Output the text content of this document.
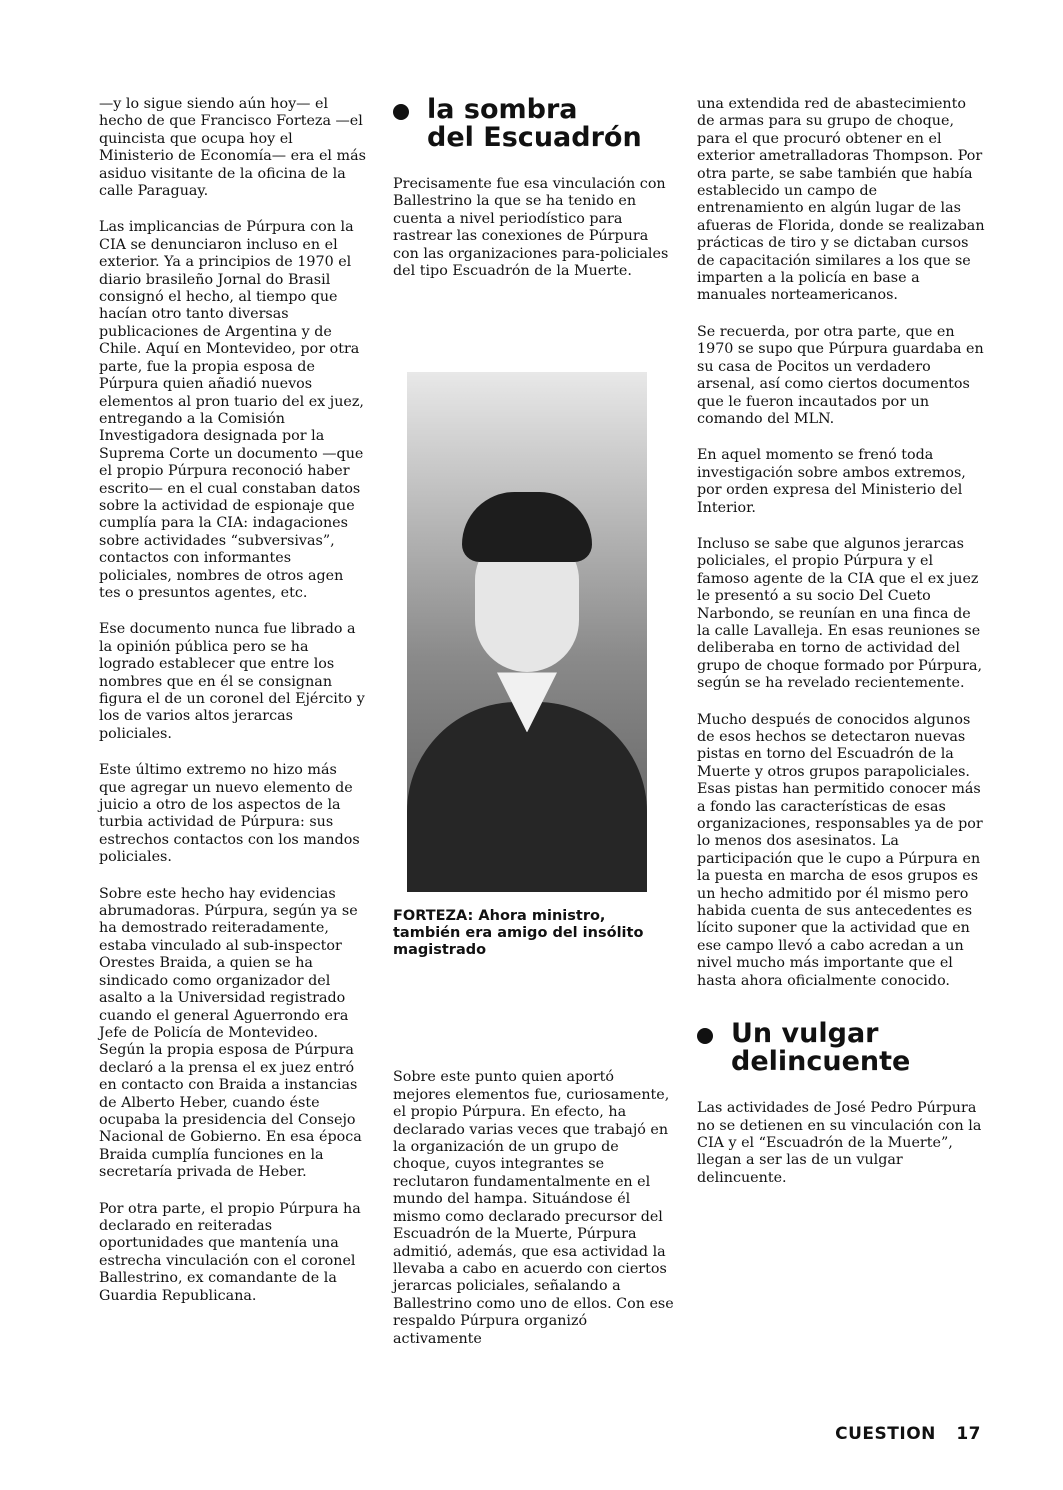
—y lo sigue siendo aún hoy— el hecho de que Francisco Forteza —el quincista que ocupa hoy el Ministerio de Economía— era el más asiduo visitante de la oficina de la calle Paraguay.

Las implicancias de Púrpura con la CIA se denunciaron incluso en el exterior. Ya a principios de 1970 el diario brasileño Jornal do Brasil consignó el hecho, al tiempo que hacían otro tanto diversas publicaciones de Argentina y de Chile. Aquí en Montevideo, por otra parte, fue la propia esposa de Púrpura quien añadió nuevos elementos al pron tuario del ex juez, entregando a la Comisión Investigadora designada por la Suprema Corte un documento —que el propio Púrpura reconoció haber escrito— en el cual constaban datos sobre la actividad de espionaje que cumplía para la CIA: indagaciones sobre actividades “subversivas”, contactos con informantes policiales, nombres de otros agen tes o presuntos agentes, etc.

Ese documento nunca fue librado a la opinión pública pero se ha logrado establecer que entre los nombres que en él se consignan figura el de un coronel del Ejército y los de varios altos jerarcas policiales.

Este último extremo no hizo más que agregar un nuevo elemento de juicio a otro de los aspectos de la turbia actividad de Púrpura: sus estrechos contactos con los mandos policiales.

Sobre este hecho hay evidencias abrumadoras. Púrpura, según ya se ha demostrado reiteradamente, estaba vinculado al sub-inspector Orestes Braida, a quien se ha sindicado como organizador del asalto a la Universidad registrado cuando el general Aguerrondo era Jefe de Policía de Montevideo. Según la propia esposa de Púrpura declaró a la prensa el ex juez entró en contacto con Braida a instancias de Alberto Heber, cuando éste ocupaba la presidencia del Consejo Nacional de Gobierno. En esa época Braida cumplía funciones en la secretaría privada de Heber.

Por otra parte, el propio Púrpura ha declarado en reiteradas oportunidades que mantenía una estrecha vinculación con el coronel Ballestrino, ex comandante de la Guardia Republicana.

la sombra
del Escuadrón

Precisamente fue esa vinculación con Ballestrino la que se ha tenido en cuenta a nivel periodístico para rastrear las conexiones de Púrpura con las organizaciones para-policiales del tipo Escuadrón de la Muerte.

FORTEZA: Ahora ministro, también era amigo del insólito magistrado

Sobre este punto quien aportó mejores elementos fue, curiosamente, el propio Púrpura. En efecto, ha declarado varias veces que trabajó en la organización de un grupo de choque, cuyos integrantes se reclutaron fundamentalmente en el mundo del hampa. Situándose él mismo como declarado precursor del Escuadrón de la Muerte, Púrpura admitió, además, que esa actividad la llevaba a cabo en acuerdo con ciertos jerarcas policiales, señalando a Ballestrino como uno de ellos. Con ese respaldo Púrpura organizó activamente

una extendida red de abastecimiento de armas para su grupo de choque, para el que procuró obtener en el exterior ametralladoras Thompson. Por otra parte, se sabe también que había establecido un campo de entrenamiento en algún lugar de las afueras de Florida, donde se realizaban prácticas de tiro y se dictaban cursos de capacitación similares a los que se imparten a la policía en base a manuales norteamericanos.

Se recuerda, por otra parte, que en 1970 se supo que Púrpura guardaba en su casa de Pocitos un verdadero arsenal, así como ciertos documentos que le fueron incautados por un comando del MLN.

En aquel momento se frenó toda investigación sobre ambos extremos, por orden expresa del Ministerio del Interior.

Incluso se sabe que algunos jerarcas policiales, el propio Púrpura y el famoso agente de la CIA que el ex juez le presentó a su socio Del Cueto Narbondo, se reunían en una finca de la calle Lavalleja. En esas reuniones se deliberaba en torno de actividad del grupo de choque formado por Púrpura, según se ha revelado recientemente.

Mucho después de conocidos algunos de esos hechos se detectaron nuevas pistas en torno del Escuadrón de la Muerte y otros grupos parapoliciales. Esas pistas han permitido conocer más a fondo las características de esas organizaciones, responsables ya de por lo menos dos asesinatos. La participación que le cupo a Púrpura en la puesta en marcha de esos grupos es un hecho admitido por él mismo pero habida cuenta de sus antecedentes es lícito suponer que la actividad que en ese campo llevó a cabo acredan a un nivel mucho más importante que el hasta ahora oficialmente conocido.

Un vulgar
delincuente

Las actividades de José Pedro Púrpura no se detienen en su vinculación con la CIA y el “Escuadrón de la Muerte”, llegan a ser las de un vulgar delincuente.

CUESTION 17
